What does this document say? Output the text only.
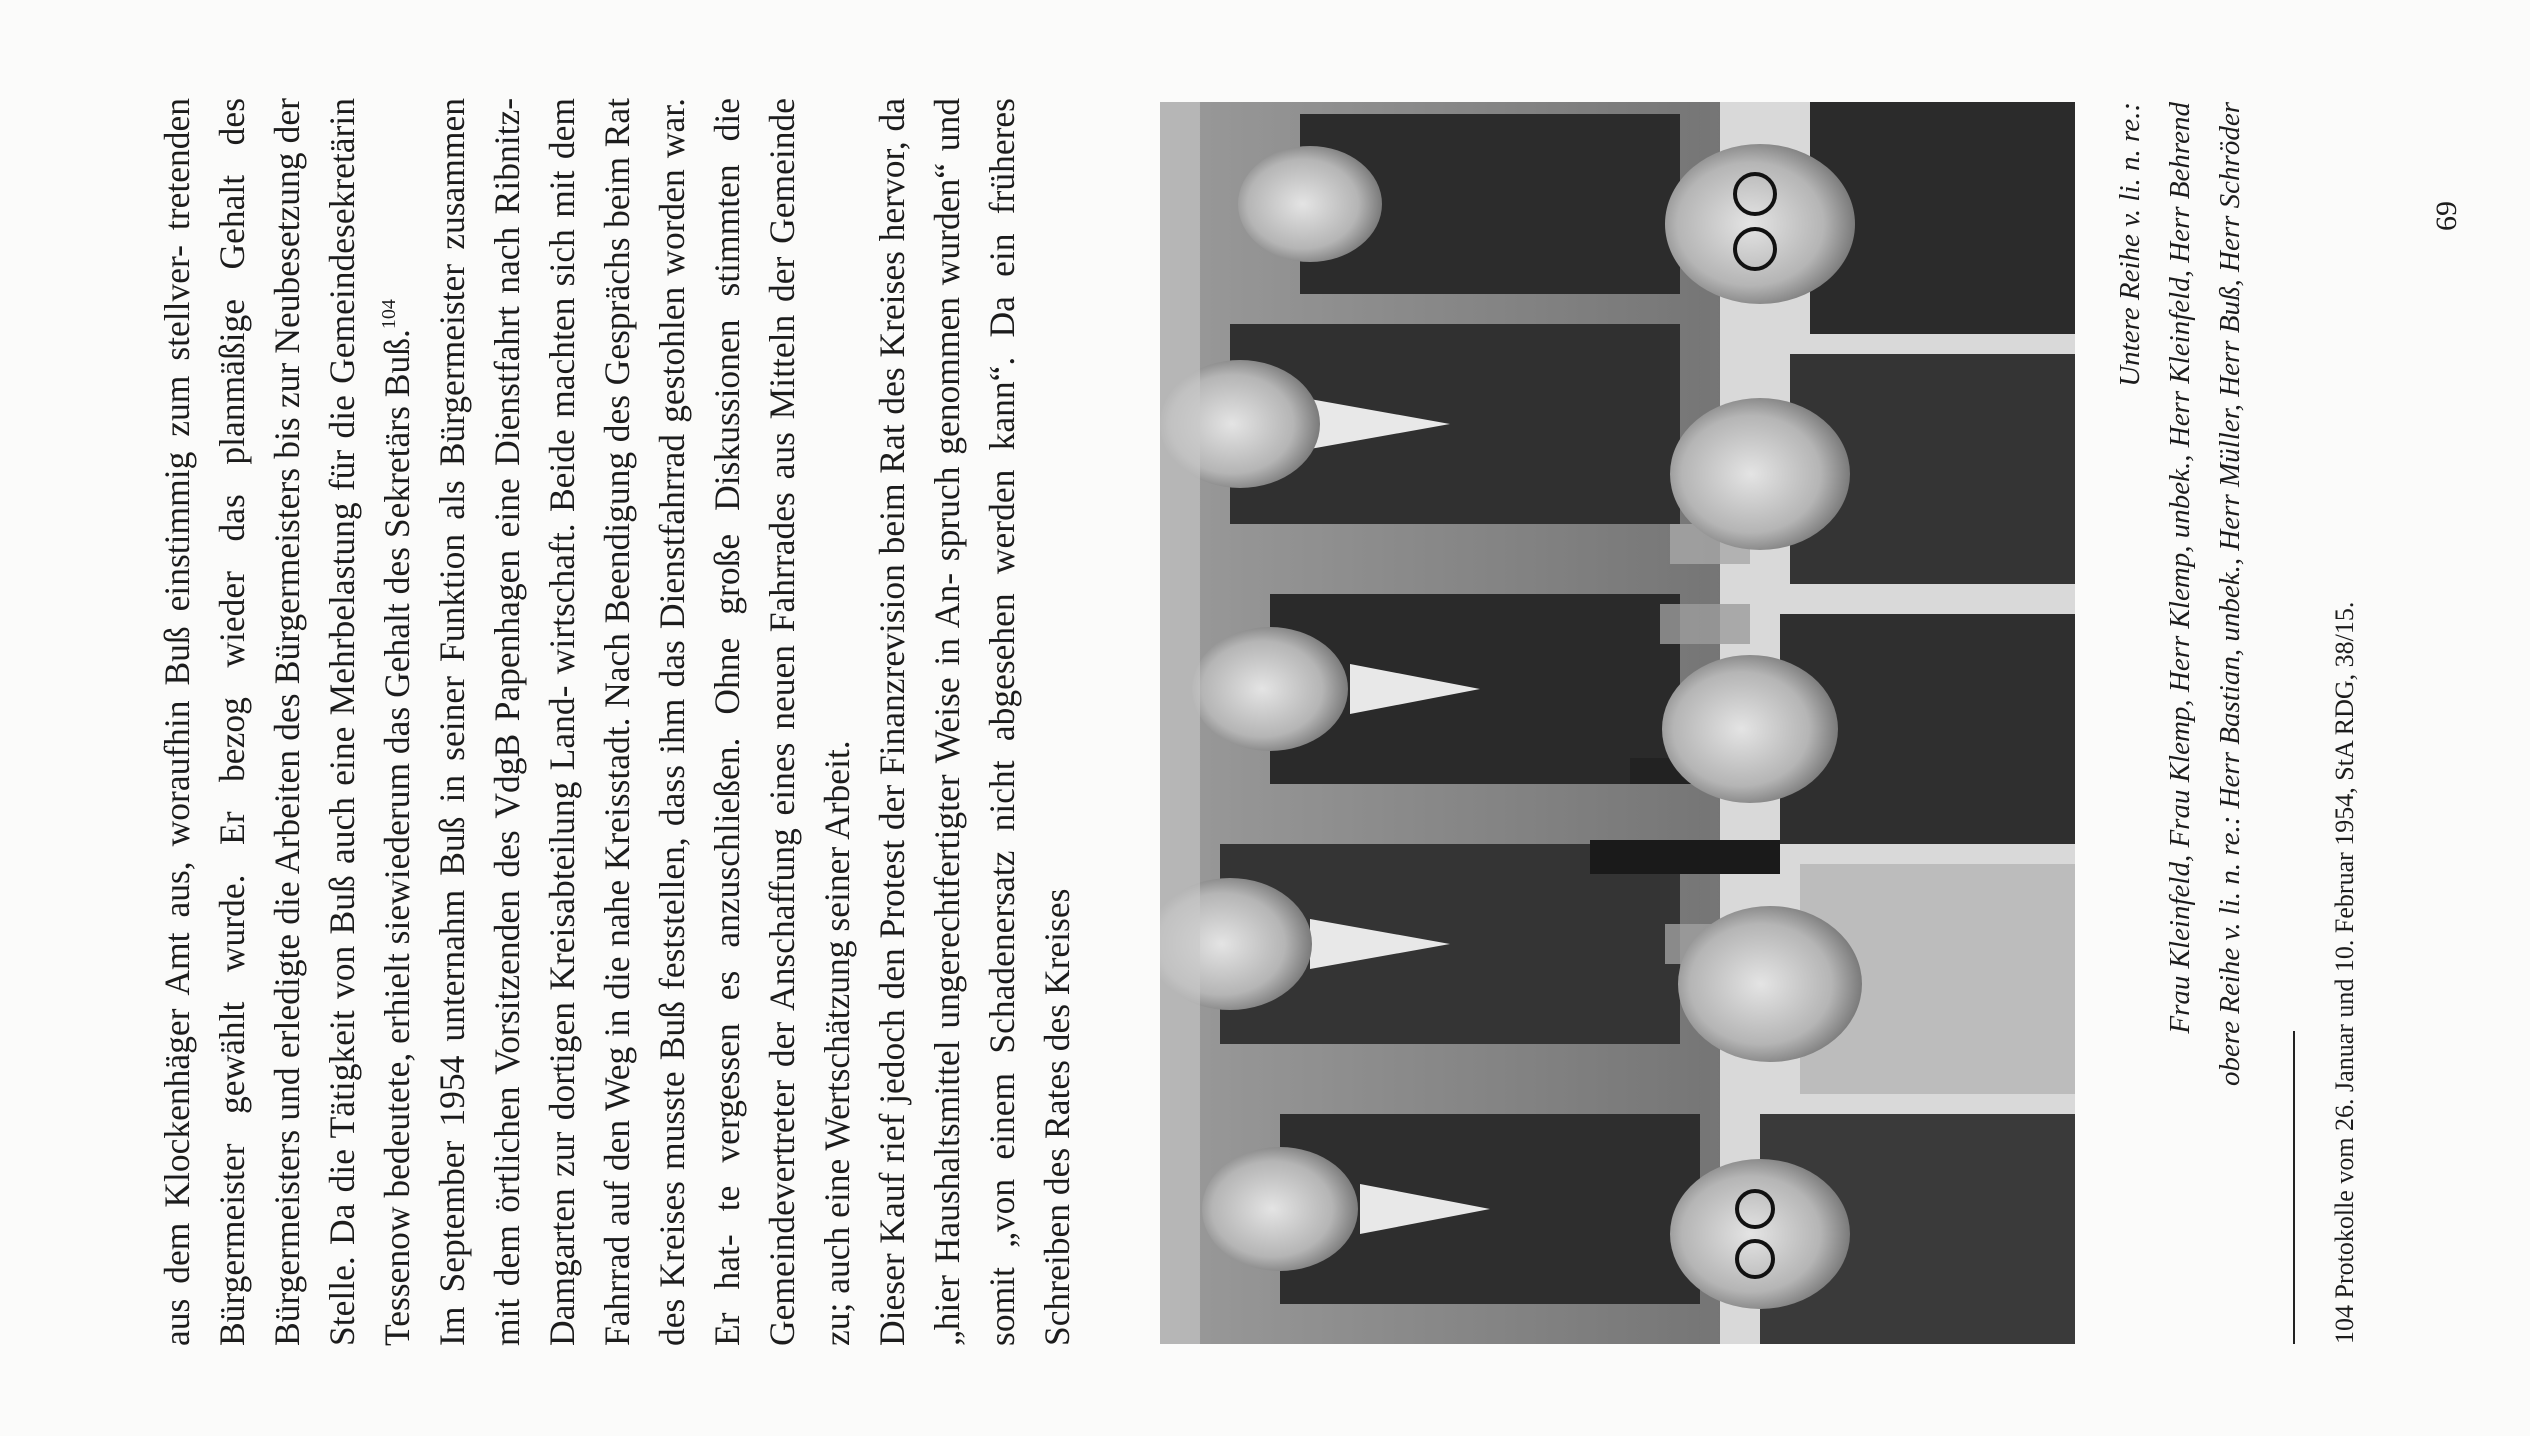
aus dem Klockenhäger Amt aus, woraufhin Buß einstimmig zum stellver- tretenden Bürgermeister gewählt wurde. Er bezog wieder das planmäßige Gehalt des Bürgermeisters und erledigte die Arbeiten des Bürgermeisters bis zur Neubesetzung der Stelle. Da die Tätigkeit von Buß auch eine Mehrbelastung für die Gemeindesekretärin Tessenow bedeutete, erhielt siewiederum das Gehalt des Sekretärs Buß.$^{104}$ Im September 1954 unternahm Buß in seiner Funktion als Bürgermeister zusammen mit dem örtlichen Vorsitzenden des VdgB Papenhagen eine Dienstfahrt nach Ribnitz-Damgarten zur dortigen Kreisabteilung Land- wirtschaft. Beide machten sich mit dem Fahrrad auf den Weg in die nahe Kreisstadt. Nach Beendigung des Gesprächs beim Rat des Kreises musste Buß feststellen, dass ihm das Dienstfahrrad gestohlen worden war. Er hat- te vergessen es anzuschließen. Ohne große Diskussionen stimmten die Gemeindevertreter der Anschaffung eines neuen Fahrrades aus Mitteln der Gemeinde zu; auch eine Wertschätzung seiner Arbeit. Dieser Kauf rief jedoch den Protest der Finanzrevision beim Rat des Kreises hervor, da „hier Haushaltsmittel ungerechtfertigter Weise in An- spruch genommen wurden“ und somit „von einem Schadenersatz nicht abgesehen werden kann“. Da ein früheres Schreiben des Rates des Kreises

Untere Reihe v. li. n. re.: Frau Kleinfeld, Frau Klemp, Herr Klemp, unbek., Herr Kleinfeld, Herr Behrend obere Reihe v. li. n. re.: Herr Bastian, unbek., Herr Müller, Herr Buß, Herr Schröder
104 Protokolle vom 26. Januar und 10. Februar 1954, StA RDG, 38/15.
69
